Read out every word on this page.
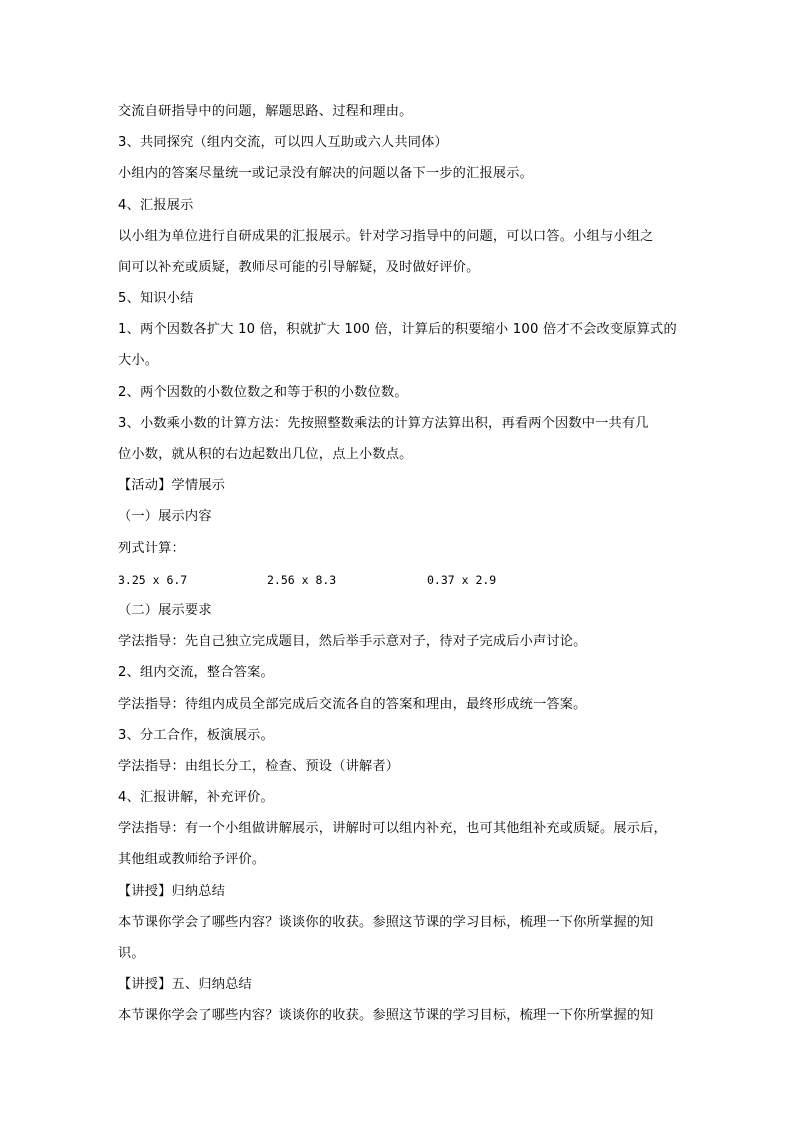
交流自研指导中的问题，解题思路、过程和理由。
3、共同探究（组内交流，可以四人互助或六人共同体）
小组内的答案尽量统一或记录没有解决的问题以备下一步的汇报展示。
4、汇报展示
以小组为单位进行自研成果的汇报展示。针对学习指导中的问题，可以口答。小组与小组之
间可以补充或质疑，教师尽可能的引导解疑，及时做好评价。
5、知识小结
1、两个因数各扩大 10 倍，积就扩大 100 倍，计算后的积要缩小 100 倍才不会改变原算式的
大小。
2、两个因数的小数位数之和等于积的小数位数。
3、小数乘小数的计算方法：先按照整数乘法的计算方法算出积，再看两个因数中一共有几
位小数，就从积的右边起数出几位，点上小数点。
【活动】学情展示
（一）展示内容
列式计算：
3.25 x 6.7	2.56 x 8.3	0.37 x 2.9
（二）展示要求
学法指导：先自己独立完成题目，然后举手示意对子，待对子完成后小声讨论。
2、组内交流，整合答案。
学法指导：待组内成员全部完成后交流各自的答案和理由，最终形成统一答案。
3、分工合作，板演展示。
学法指导：由组长分工，检查、预设（讲解者）
4、汇报讲解，补充评价。
学法指导：有一个小组做讲解展示，讲解时可以组内补充，也可其他组补充或质疑。展示后，
其他组或教师给予评价。
【讲授】归纳总结
本节课你学会了哪些内容？谈谈你的收获。参照这节课的学习目标，梳理一下你所掌握的知
识。
【讲授】五、归纳总结
本节课你学会了哪些内容？谈谈你的收获。参照这节课的学习目标，梳理一下你所掌握的知
